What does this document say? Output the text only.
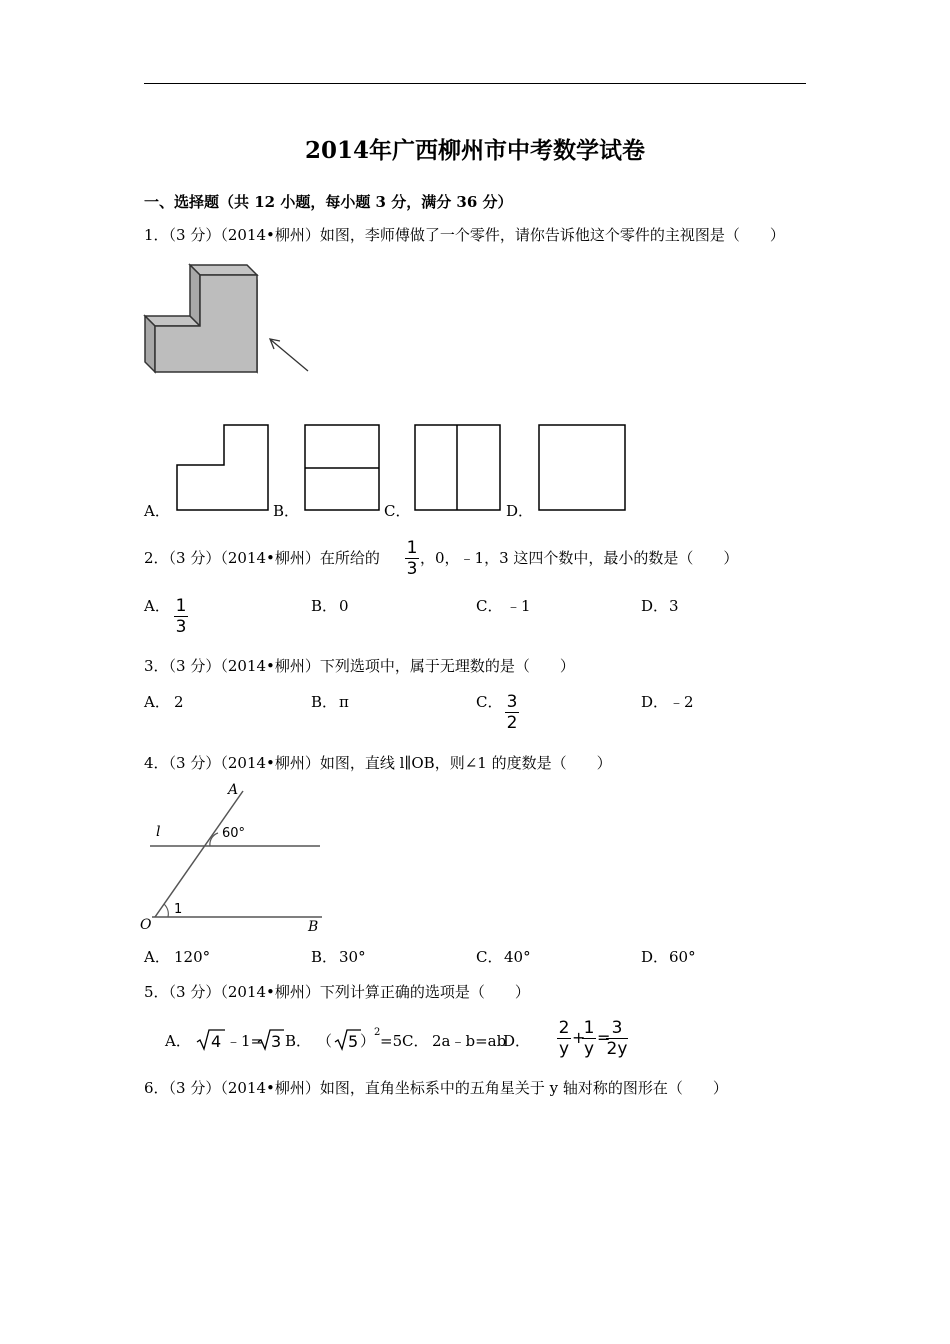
2014年广西柳州市中考数学试卷
一、选择题（共 12 小题，每小题 3 分，满分 36 分）
1．（3 分）（2014•柳州）如图，李师傅做了一个零件，请你告诉他这个零件的主视图是（　　）
A．	B．	C．	D．
2．（3 分）（2014•柳州）在所给的 1
3
，0，﹣1，3 这四个数中，最小的数是（　　）
A． 1
3
B． 0	C． ﹣1	D． 3
3．（3 分）（2014•柳州）下列选项中，属于无理数的是（　　）
A． 2	B． π	C． 3
2
D． ﹣2
4．（3 分）（2014•柳州）如图，直线 l∥OB，则∠1 的度数是（　　）
A
l	60°
O
1
B
A． 120°	B． 30°	C． 40°	D． 60°
5．（3 分）（2014•柳州）下列计算正确的选项是（　　）
A． 4 ﹣1= 3 B． （ 5 ）
2 =5 C． 2a﹣b=ab
D．
2
y
+
1
y
= 3
2y
6．（3 分）（2014•柳州）如图，直角坐标系中的五角星关于 y 轴对称的图形在（　　）
